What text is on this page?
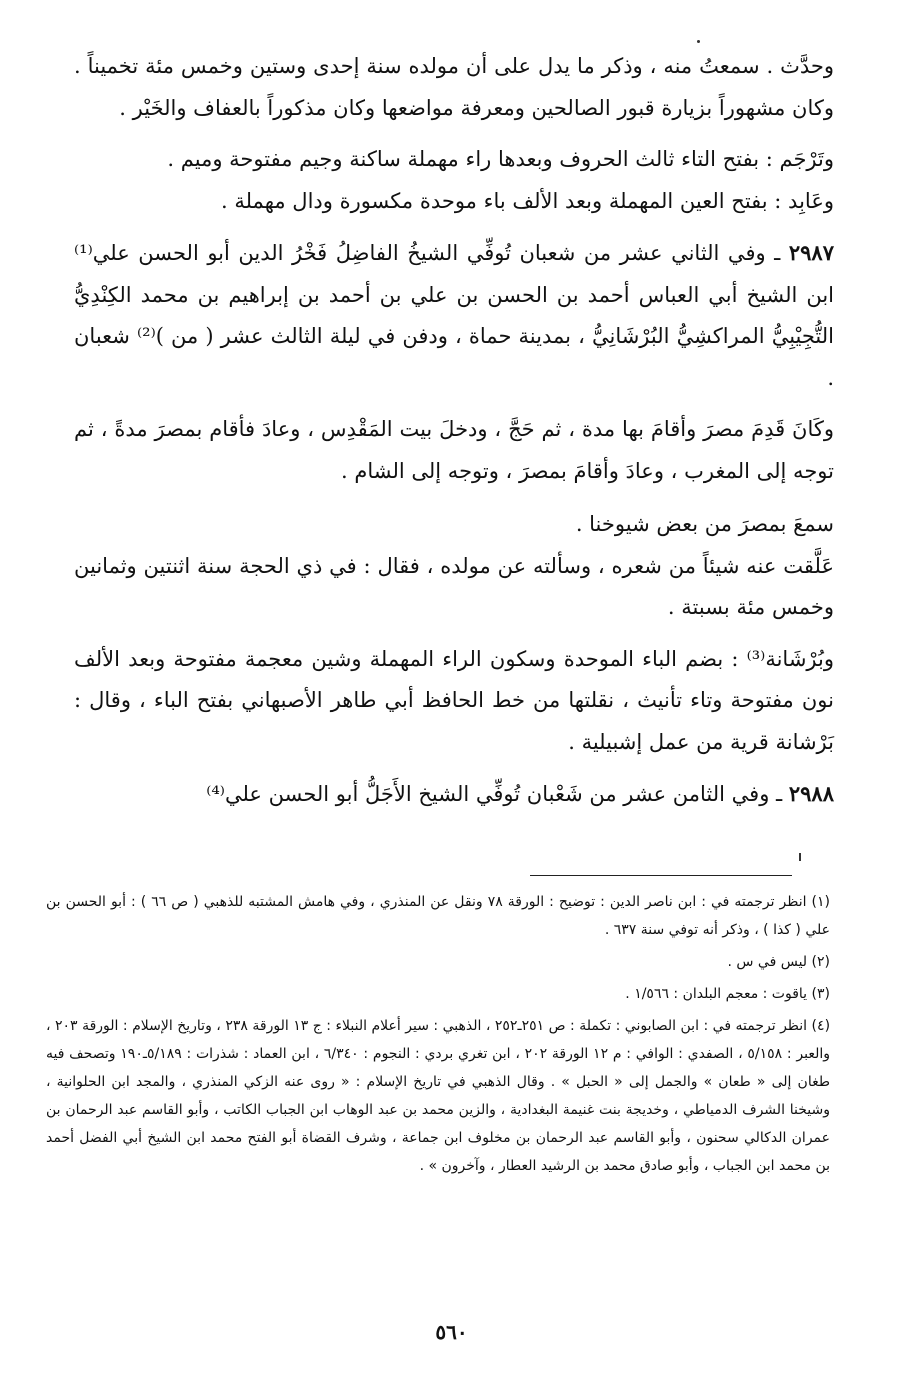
وحدَّث . سمعتُ منه ، وذكر ما يدل على أن مولده سنة إحدى وستين وخمس مئة تخميناً . وكان مشهوراً بزيارة قبور الصالحين ومعرفة مواضعها وكان مذكوراً بالعفاف والخَيْر .

وتَرْجَم : بفتح التاء ثالث الحروف وبعدها راء مهملة ساكنة وجيم مفتوحة وميم .

وعَابِد : بفتح العين المهملة وبعد الألف باء موحدة مكسورة ودال مهملة .

٢٩٨٧ ـ وفي الثاني عشر من شعبان تُوفِّي الشيخُ الفاضِلُ فَخْرُ الدين أبو الحسن علي⁽¹⁾ ابن الشيخ أبي العباس أحمد بن الحسن بن علي بن أحمد بن إبراهيم بن محمد الكِنْدِيُّ التُّجِيْبِيُّ المراكشِيُّ البُرْشَانِيُّ ، بمدينة حماة ، ودفن في ليلة الثالث عشر ( من )⁽²⁾ شعبان .

وكَانَ قَدِمَ مصرَ وأقامَ بها مدة ، ثم حَجَّ ، ودخلَ بيت المَقْدِس ، وعادَ فأقام بمصرَ مدةً ، ثم توجه إلى المغرب ، وعادَ وأقامَ بمصرَ ، وتوجه إلى الشام .

سمعَ بمصرَ من بعض شيوخنا .

عَلَّقت عنه شيئاً من شعره ، وسألته عن مولده ، فقال : في ذي الحجة سنة اثنتين وثمانين وخمس مئة بسبتة .

وبُرْشَانة⁽³⁾ : بضم الباء الموحدة وسكون الراء المهملة وشين معجمة مفتوحة وبعد الألف نون مفتوحة وتاء تأنيث ، نقلتها من خط الحافظ أبي طاهر الأصبهاني بفتح الباء ، وقال : بَرْشانة قرية من عمل إشبيلية .

٢٩٨٨ ـ وفي الثامن عشر من شَعْبان تُوفِّي الشيخ الأَجَلُّ أبو الحسن علي⁽⁴⁾

(١) انظر ترجمته في : ابن ناصر الدين : توضيح : الورقة ٧٨ ونقل عن المنذري ، وفي هامش المشتبه للذهبي ( ص ٦٦ ) : أبو الحسن بن علي ( كذا ) ، وذكر أنه توفي سنة ٦٣٧ .

(٢) ليس في س .

(٣) ياقوت : معجم البلدان : ١/٥٦٦ .

(٤) انظر ترجمته في : ابن الصابوني : تكملة : ص ٢٥١ـ٢٥٢ ، الذهبي : سير أعلام النبلاء : ج ١٣ الورقة ٢٣٨ ، وتاريخ الإسلام : الورقة ٢٠٣ ، والعبر : ٥/١٥٨ ، الصفدي : الوافي : م ١٢ الورقة ٢٠٢ ، ابن تغري بردي : النجوم : ٦/٣٤٠ ، ابن العماد : شذرات : ٥/١٨٩ـ١٩٠ وتصحف فيه طغان إلى « طعان » والجمل إلى « الحبل » . وقال الذهبي في تاريخ الإسلام : « روى عنه الزكي المنذري ، والمجد ابن الحلوانية ، وشيخنا الشرف الدمياطي ، وخديجة بنت غنيمة البغدادية ، والزين محمد بن عبد الوهاب ابن الجباب الكاتب ، وأبو القاسم عبد الرحمان بن عمران الدكالي سحنون ، وأبو القاسم عبد الرحمان بن مخلوف ابن جماعة ، وشرف القضاة أبو الفتح محمد ابن الشيخ أبي الفضل أحمد بن محمد ابن الجباب ، وأبو صادق محمد بن الرشيد العطار ، وآخرون » .

٥٦٠
